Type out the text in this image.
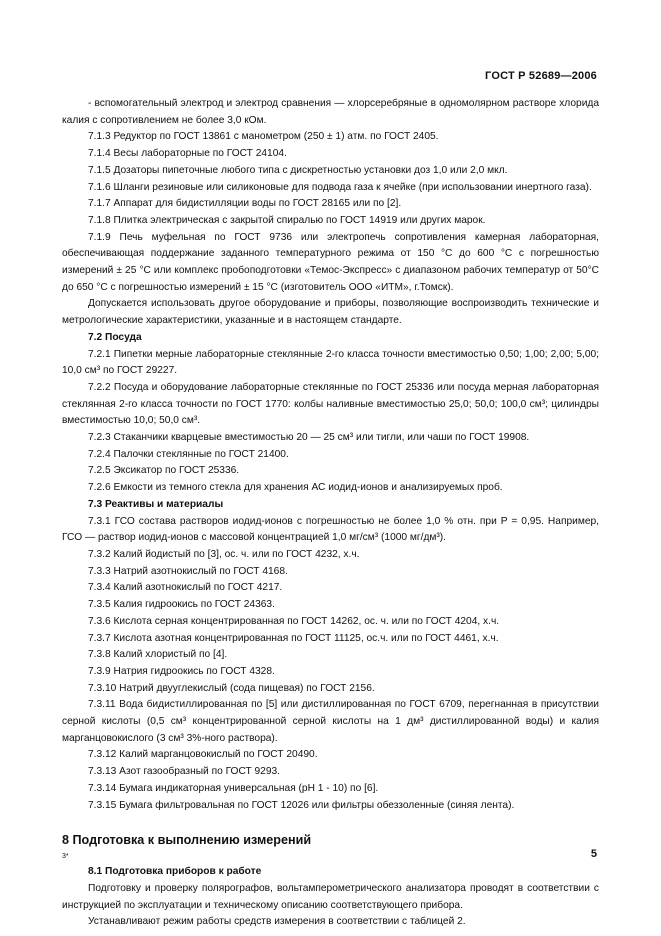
ГОСТ Р 52689—2006

- вспомогательный электрод и электрод сравнения — хлорсеребряные в одномолярном растворе хлорида калия с сопротивлением не более 3,0 кОм.

7.1.3 Редуктор по ГОСТ 13861 с манометром (250 ± 1) атм. по ГОСТ 2405.

7.1.4 Весы лабораторные по ГОСТ 24104.

7.1.5 Дозаторы пипеточные любого типа с дискретностью установки доз 1,0 или 2,0 мкл.

7.1.6 Шланги резиновые или силиконовые для подвода газа к ячейке (при использовании инертного газа).

7.1.7 Аппарат для бидистилляции воды по ГОСТ 28165 или по [2].

7.1.8 Плитка электрическая с закрытой спиралью по ГОСТ 14919 или других марок.

7.1.9 Печь муфельная по ГОСТ 9736 или электропечь сопротивления камерная лабораторная, обеспечивающая поддержание заданного температурного режима от 150 °С до 600 °С с погрешностью измерений ± 25 °С или комплекс пробоподготовки «Темос-Экспресс» с диапазоном рабочих температур от 50°С до 650 °С с погрешностью измерений ± 15 °С (изготовитель ООО «ИТМ», г.Томск).

Допускается использовать другое оборудование и приборы, позволяющие воспроизводить технические и метрологические характеристики, указанные и в настоящем стандарте.

7.2 Посуда

7.2.1 Пипетки мерные лабораторные стеклянные 2-го класса точности вместимостью 0,50; 1,00; 2,00; 5,00; 10,0 см³ по ГОСТ 29227.

7.2.2 Посуда и оборудование лабораторные стеклянные по ГОСТ 25336 или посуда мерная лабораторная стеклянная 2-го класса точности по ГОСТ 1770: колбы наливные вместимостью 25,0; 50,0; 100,0 см³; цилиндры вместимостью 10,0; 50,0 см³.

7.2.3 Стаканчики кварцевые вместимостью 20 — 25 см³ или тигли, или чаши по ГОСТ 19908.

7.2.4 Палочки стеклянные по ГОСТ 21400.

7.2.5 Эксикатор по ГОСТ 25336.

7.2.6 Емкости из темного стекла для хранения АС иодид-ионов и анализируемых проб.

7.3 Реактивы и материалы

7.3.1 ГСО состава растворов иодид-ионов с погрешностью не более 1,0 % отн. при P = 0,95. Например, ГСО — раствор иодид-ионов с массовой концентрацией 1,0 мг/см³ (1000 мг/дм³).

7.3.2 Калий йодистый по [3], ос. ч. или по ГОСТ 4232, х.ч.

7.3.3 Натрий азотнокислый по ГОСТ 4168.

7.3.4 Калий азотнокислый по ГОСТ 4217.

7.3.5 Калия гидроокись по ГОСТ 24363.

7.3.6 Кислота серная концентрированная по ГОСТ 14262, ос. ч. или по ГОСТ 4204, х.ч.

7.3.7 Кислота азотная концентрированная по ГОСТ 11125, ос.ч. или по ГОСТ 4461, х.ч.

7.3.8 Калий хлористый по [4].

7.3.9 Натрия гидроокись по ГОСТ 4328.

7.3.10 Натрий двууглекислый (сода пищевая) по ГОСТ 2156.

7.3.11 Вода бидистиллированная по [5] или дистиллированная по ГОСТ 6709, перегнанная в присутствии серной кислоты (0,5 см³ концентрированной серной кислоты на 1 дм³ дистиллированной воды) и калия марганцовокислого (3 см³ 3%-ного раствора).

7.3.12 Калий марганцовокислый по ГОСТ 20490.

7.3.13 Азот газообразный по ГОСТ 9293.

7.3.14 Бумага индикаторная универсальная (рН 1 - 10) по [6].

7.3.15 Бумага фильтровальная по ГОСТ 12026 или фильтры обеззоленные (синяя лента).

8 Подготовка к выполнению измерений

8.1 Подготовка приборов к работе

Подготовку и проверку полярографов, вольтамперометрического анализатора проводят в соответствии с инструкцией по эксплуатации и техническому описанию соответствующего прибора.

Устанавливают режим работы средств измерения в соответствии с таблицей 2.

3*	5
